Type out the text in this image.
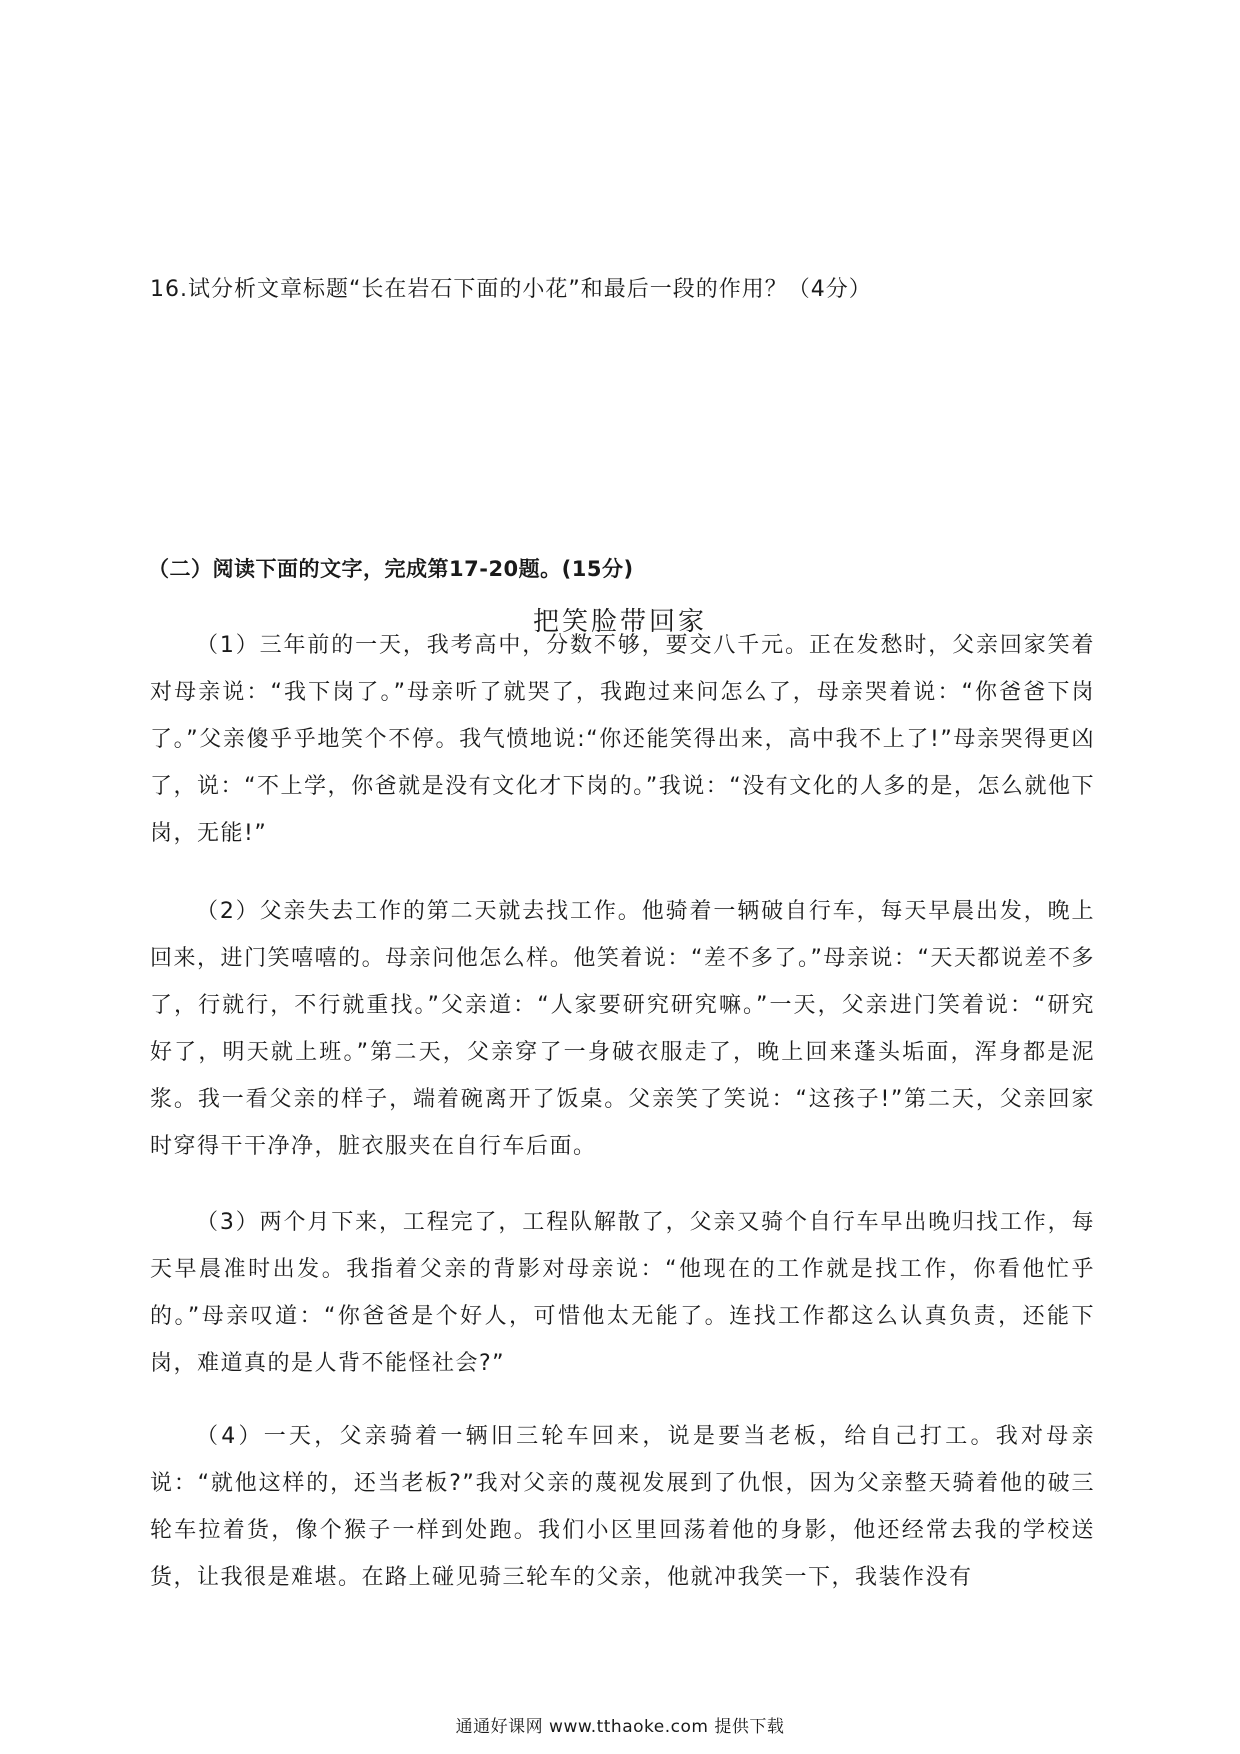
16.试分析文章标题“长在岩石下面的小花”和最后一段的作用？（4分）
（二）阅读下面的文字，完成第17-20题。(15分)
把笑脸带回家
（1）三年前的一天，我考高中，分数不够，要交八千元。正在发愁时，父亲回家笑着对母亲说：“我下岗了。”母亲听了就哭了，我跑过来问怎么了，母亲哭着说：“你爸爸下岗了。”父亲傻乎乎地笑个不停。我气愤地说:“你还能笑得出来，高中我不上了!”母亲哭得更凶了，说：“不上学，你爸就是没有文化才下岗的。”我说：“没有文化的人多的是，怎么就他下岗，无能!”
（2）父亲失去工作的第二天就去找工作。他骑着一辆破自行车，每天早晨出发，晚上回来，进门笑嘻嘻的。母亲问他怎么样。他笑着说：“差不多了。”母亲说：“天天都说差不多了，行就行，不行就重找。”父亲道：“人家要研究研究嘛。”一天，父亲进门笑着说：“研究好了，明天就上班。”第二天，父亲穿了一身破衣服走了，晚上回来蓬头垢面，浑身都是泥浆。我一看父亲的样子，端着碗离开了饭桌。父亲笑了笑说：“这孩子!”第二天，父亲回家时穿得干干净净，脏衣服夹在自行车后面。
（3）两个月下来，工程完了，工程队解散了，父亲又骑个自行车早出晚归找工作，每天早晨准时出发。我指着父亲的背影对母亲说：“他现在的工作就是找工作，你看他忙乎的。”母亲叹道：“你爸爸是个好人，可惜他太无能了。连找工作都这么认真负责，还能下岗，难道真的是人背不能怪社会?”
（4）一天，父亲骑着一辆旧三轮车回来，说是要当老板，给自己打工。我对母亲说：“就他这样的，还当老板?”我对父亲的蔑视发展到了仇恨，因为父亲整天骑着他的破三轮车拉着货，像个猴子一样到处跑。我们小区里回荡着他的身影，他还经常去我的学校送货，让我很是难堪。在路上碰见骑三轮车的父亲，他就冲我笑一下，我装作没有
通通好课网 www.tthaoke.com 提供下载
